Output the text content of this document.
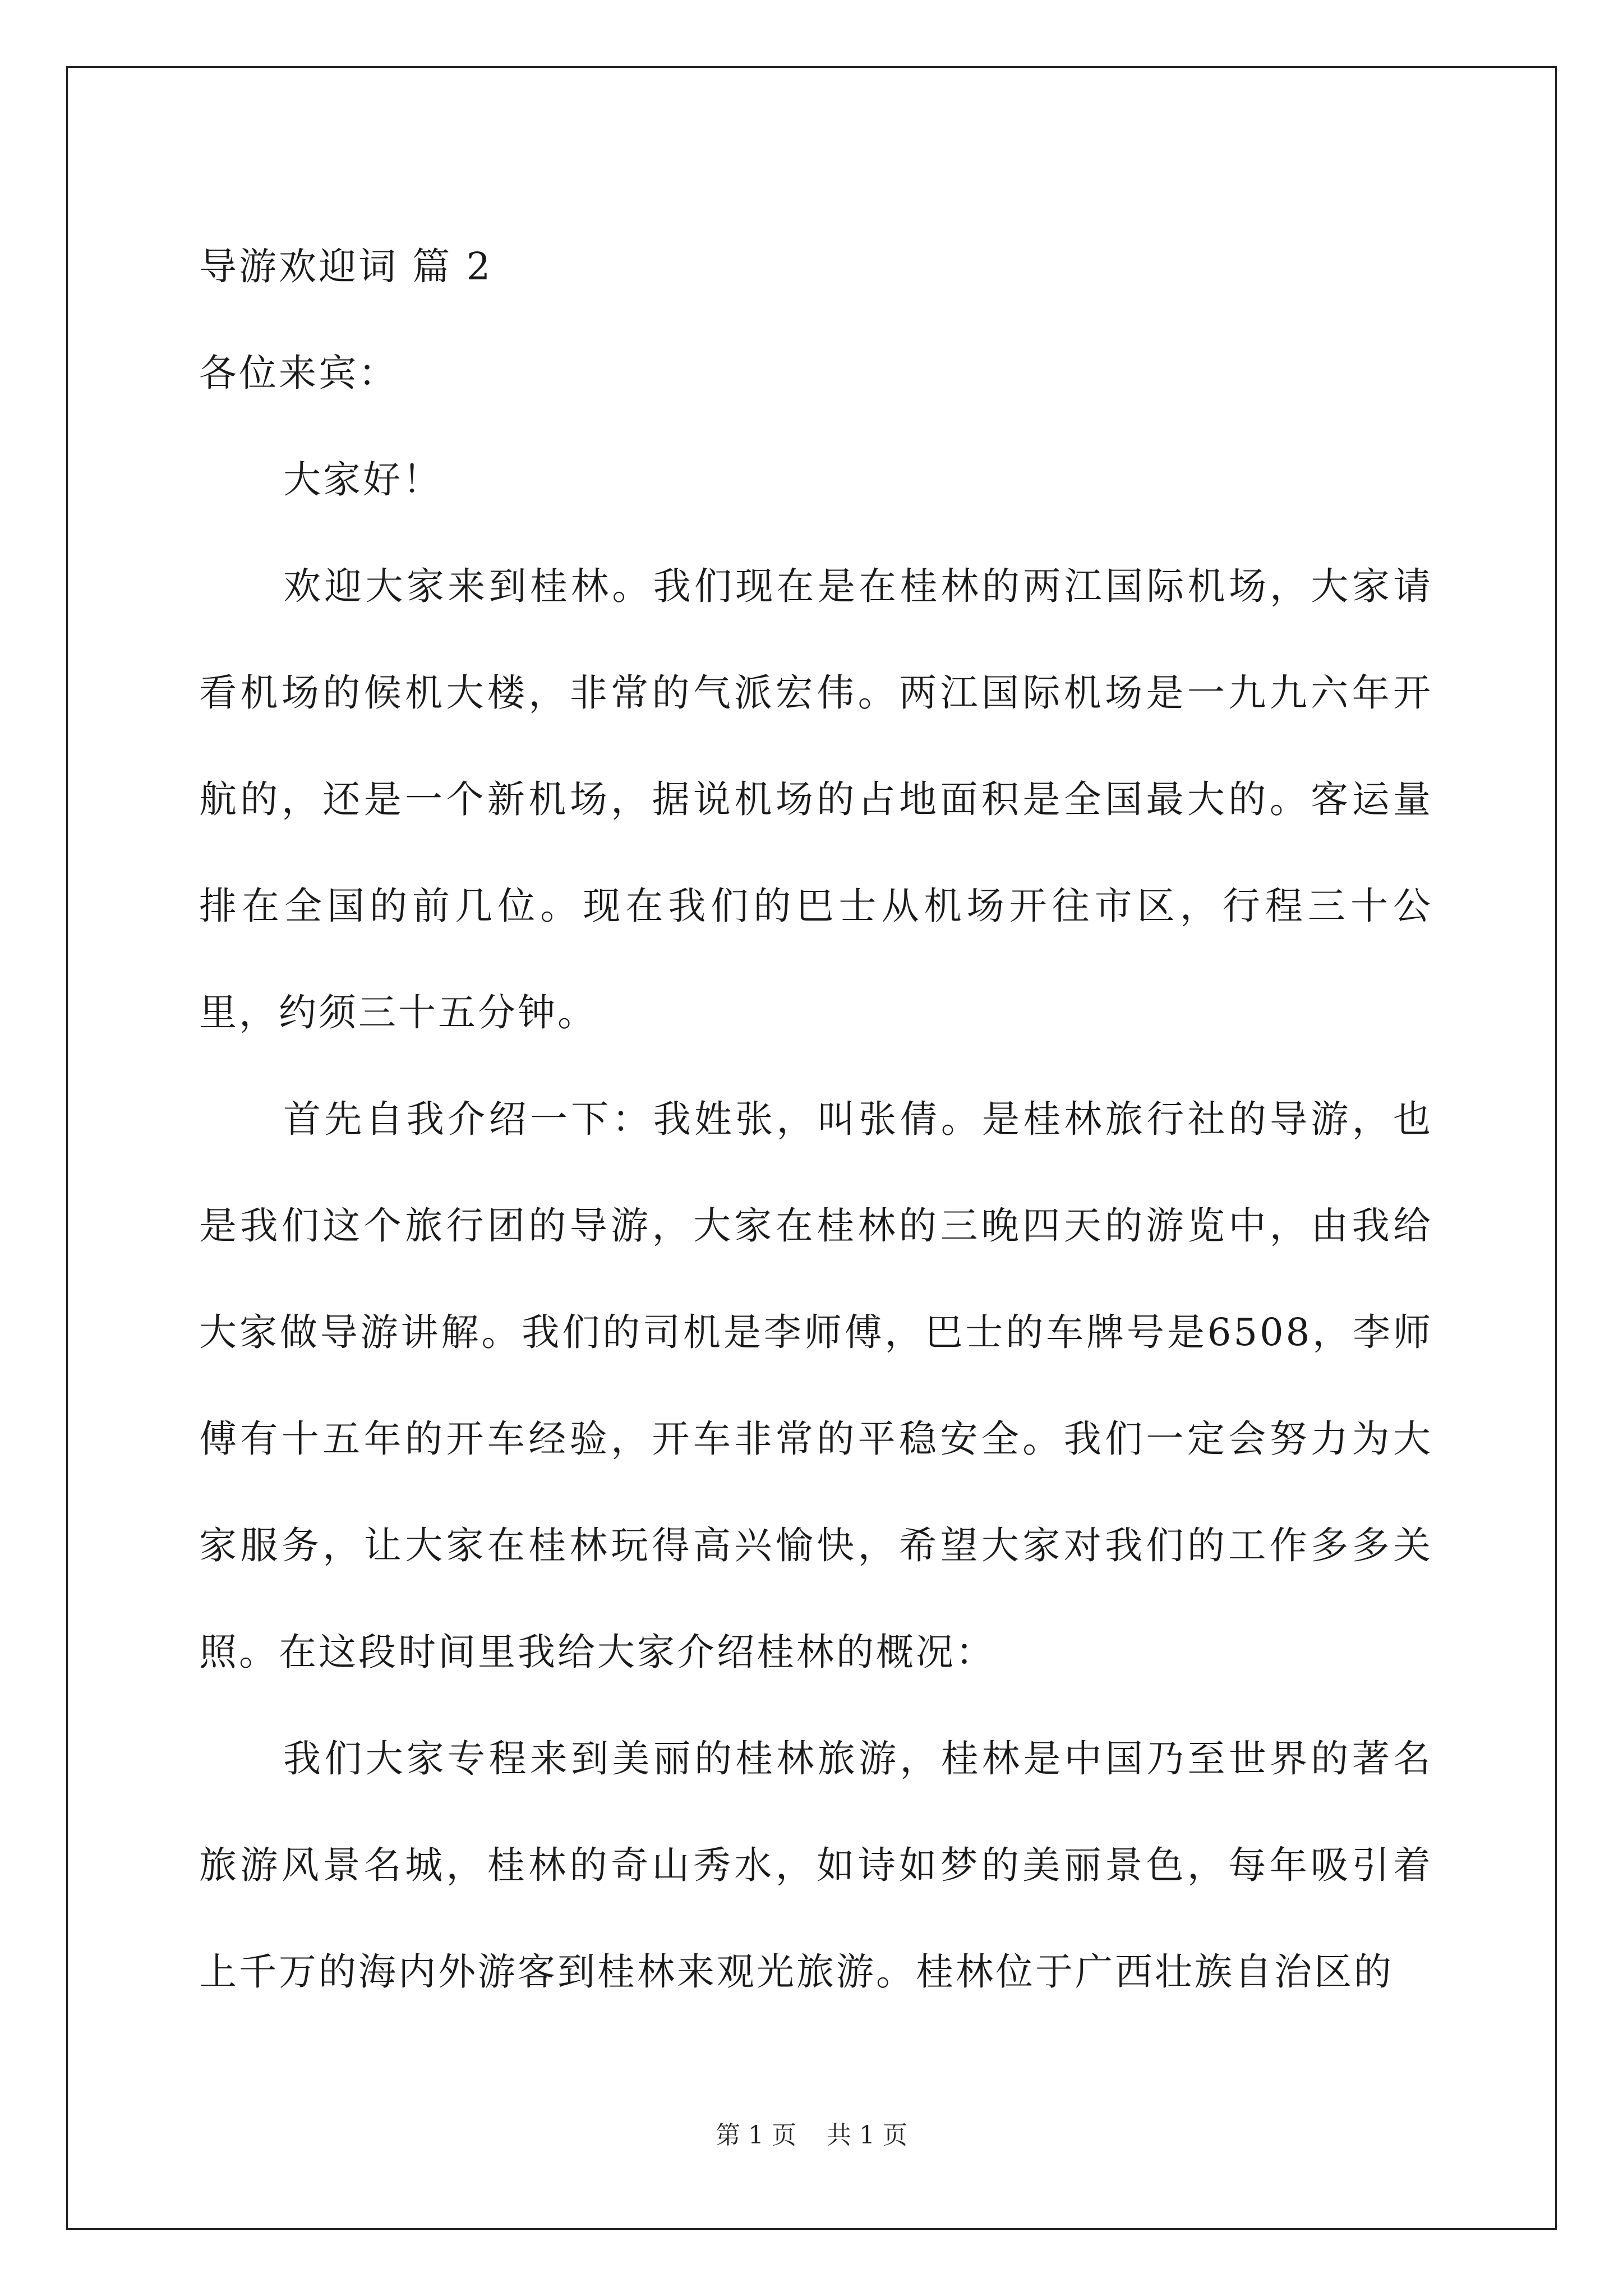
导游欢迎词 篇 2

各位来宾：

大家好！

欢迎大家来到桂林。我们现在是在桂林的两江国际机场，大家请看机场的候机大楼，非常的气派宏伟。两江国际机场是一九九六年开航的，还是一个新机场，据说机场的占地面积是全国最大的。客运量排在全国的前几位。现在我们的巴士从机场开往市区，行程三十公里，约须三十五分钟。

首先自我介绍一下：我姓张，叫张倩。是桂林旅行社的导游，也是我们这个旅行团的导游，大家在桂林的三晚四天的游览中，由我给大家做导游讲解。我们的司机是李师傅，巴士的车牌号是6508，李师傅有十五年的开车经验，开车非常的平稳安全。我们一定会努力为大家服务，让大家在桂林玩得高兴愉快，希望大家对我们的工作多多关照。在这段时间里我给大家介绍桂林的概况：

我们大家专程来到美丽的桂林旅游，桂林是中国乃至世界的著名旅游风景名城，桂林的奇山秀水，如诗如梦的美丽景色，每年吸引着上千万的海内外游客到桂林来观光旅游。桂林位于广西壮族自治区的

第 1 页 共 1 页
